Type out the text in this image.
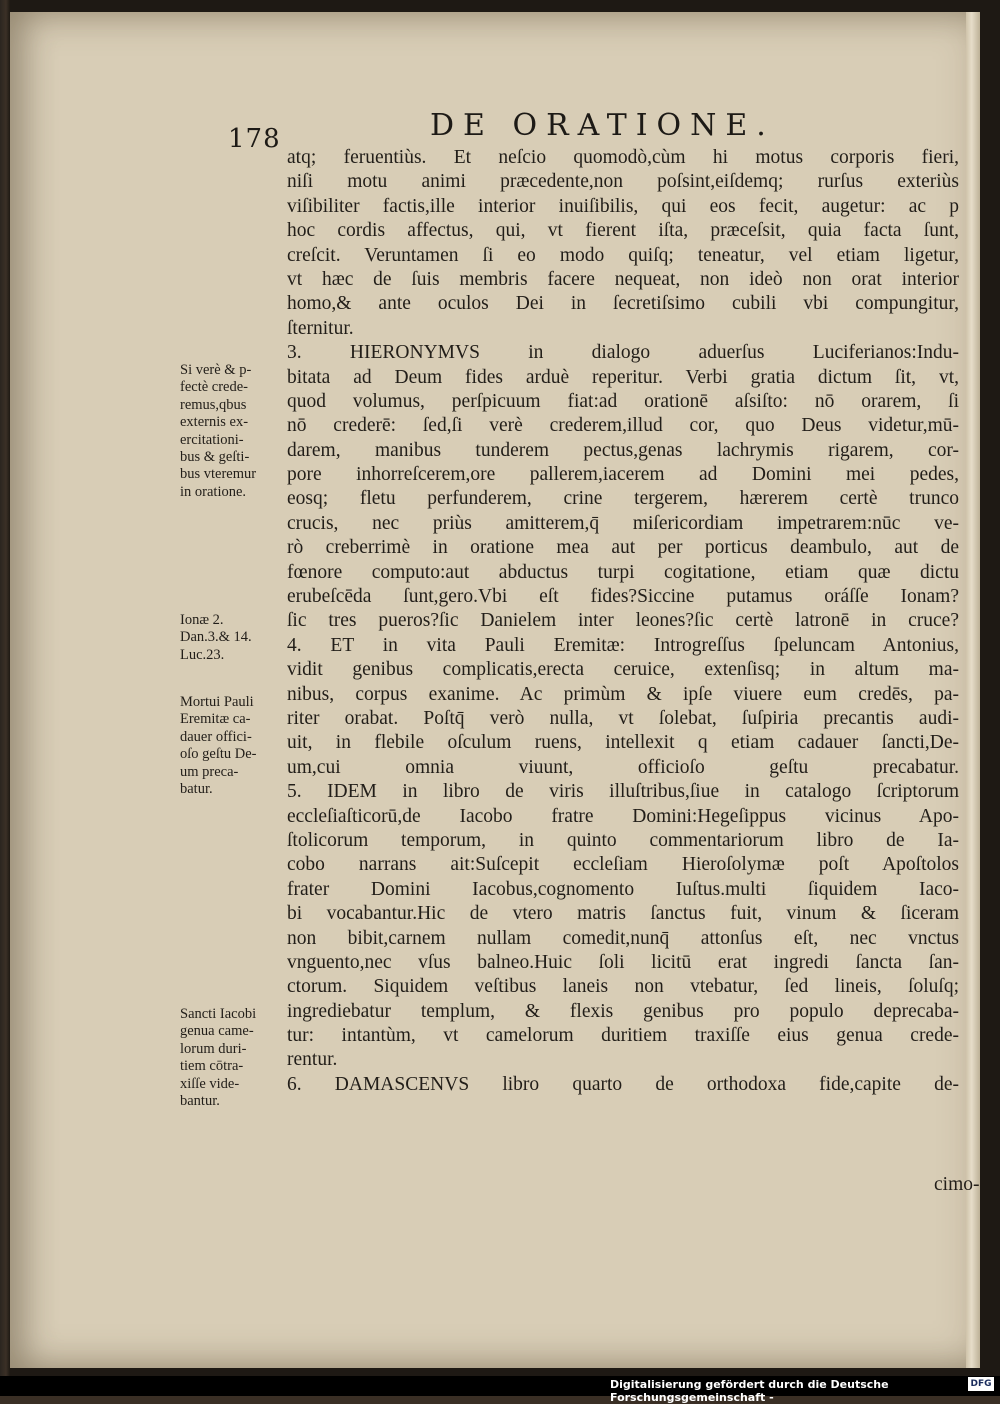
178	DE ORATIONE.
atq; feruentiùs. Et neſcio quomodò,cùm hi motus corporis fieri,
niſi motu animi præcedente,non poſsint,eiſdemq; rurſus exteriùs
viſibiliter factis,ille interior inuiſibilis, qui eos fecit, augetur: ac p
hoc cordis affectus, qui, vt fierent iſta, præceſsit, quia facta ſunt,
creſcit. Veruntamen ſi eo modo quiſq; teneatur, vel etiam ligetur,
vt hæc de ſuis membris facere nequeat, non ideò non orat interior
homo,& ante oculos Dei in ſecretiſsimo cubili vbi compungitur,
ſternitur.
3. HIERONYMVS in dialogo aduerſus Luciferianos:Indu-
bitata ad Deum fides arduè reperitur. Verbi gratia dictum ſit, vt,
quod volumus, perſpicuum fiat:ad orationē aſsiſto: nō orarem, ſi
nō crederē: ſed,ſi verè crederem,illud cor, quo Deus videtur,mū-
darem, manibus tunderem pectus,genas lachrymis rigarem, cor-
pore inhorreſcerem,ore pallerem,iacerem ad Domini mei pedes,
eosq; fletu perfunderem, crine tergerem, hærerem certè trunco
crucis, nec priùs amitterem,q̄ miſericordiam impetrarem:nūc ve-
rò creberrimè in oratione mea aut per porticus deambulo, aut de
fœnore computo:aut abductus turpi cogitatione, etiam quæ dictu
erubeſcēda ſunt,gero.Vbi eſt fides?Siccine putamus oráſſe Ionam?
ſic tres pueros?ſic Danielem inter leones?ſic certè latronē in cruce?
4. ET in vita Pauli Eremitæ: Introgreſſus ſpeluncam Antonius,
vidit genibus complicatis,erecta ceruice, extenſisq; in altum ma-
nibus, corpus exanime. Ac primùm & ipſe viuere eum credēs, pa-
riter orabat. Poſtq̄ verò nulla, vt ſolebat, ſuſpiria precantis audi-
uit, in flebile oſculum ruens, intellexit q etiam cadauer ſancti,De-
um,cui omnia viuunt, officioſo geſtu precabatur.
5. IDEM in libro de viris illuſtribus,ſiue in catalogo ſcriptorum
eccleſiaſticorū,de Iacobo fratre Domini:Hegeſippus vicinus Apo-
ſtolicorum temporum, in quinto commentariorum libro de Ia-
cobo narrans ait:Suſcepit eccleſiam Hieroſolymæ poſt Apoſtolos
frater Domini Iacobus,cognomento Iuſtus.multi ſiquidem Iaco-
bi vocabantur.Hic de vtero matris ſanctus fuit, vinum & ſiceram
non bibit,carnem nullam comedit,nunq̄ attonſus eſt, nec vnctus
vnguento,nec vſus balneo.Huic ſoli licitū erat ingredi ſancta ſan-
ctorum. Siquidem veſtibus laneis non vtebatur, ſed lineis, ſoluſq;
ingrediebatur templum, & flexis genibus pro populo deprecaba-
tur: intantùm, vt camelorum duritiem traxiſſe eius genua crede-
rentur.
6. DAMASCENVS libro quarto de orthodoxa fide,capite de-
Si verè & p-
fectè crede-
remus,qbus
externis ex-
ercitationi-
bus & geſti-
bus vteremur
in oratione.
Ionæ 2.
Dan.3.& 14.
Luc.23.
Mortui Pauli
Eremitæ ca-
dauer offici-
oſo geſtu De-
um preca-
batur.
Sancti Iacobi
genua came-
lorum duri-
tiem cōtra-
xiſſe vide-
bantur.
cimo-
Digitalisierung gefördert durch die Deutsche Forschungsgemeinschaft -
DFG
